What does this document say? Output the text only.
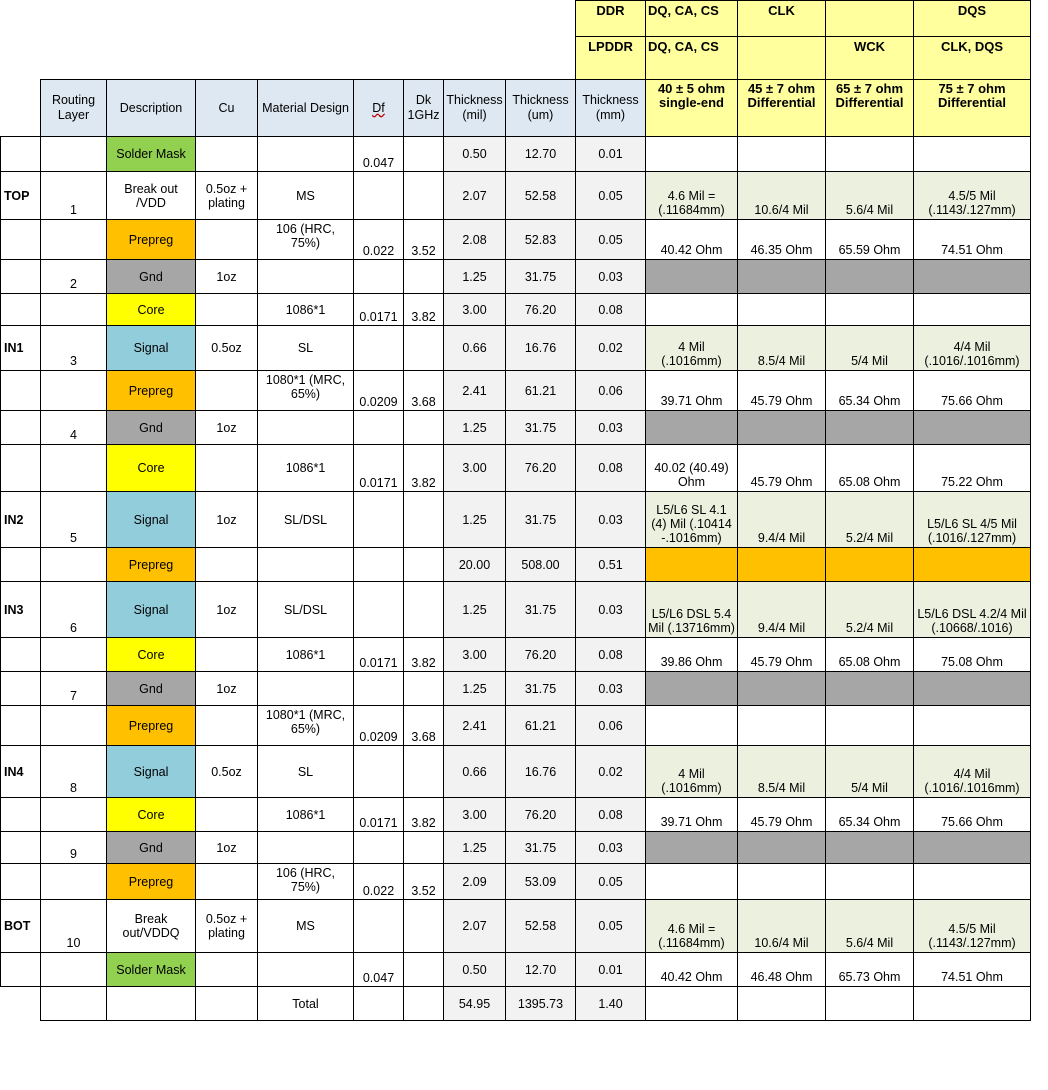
									DDR	DQ, CA, CS	CLK		DQS
									LPDDR	DQ, CA, CS		WCK	CLK, DQS
	Routing Layer	Description	Cu	Material Design	Df	Dk 1GHz	Thickness (mil)	Thickness (um)	Thickness (mm)	40 ± 5 ohm single-end	45 ± 7 ohm Differential	65 ± 7 ohm Differential	75 ± 7 ohm Differential
		Solder Mask			0.047		0.50	12.70	0.01				
TOP	1	Break out /VDD	0.5oz + plating	MS			2.07	52.58	0.05	4.6 Mil = (.11684mm)	10.6/4 Mil	5.6/4 Mil	4.5/5 Mil (.1143/.127mm)
		Prepreg		106 (HRC, 75%)	0.022	3.52	2.08	52.83	0.05	40.42 Ohm	46.35 Ohm	65.59 Ohm	74.51 Ohm
	2	Gnd	1oz				1.25	31.75	0.03				
		Core		1086*1	0.0171	3.82	3.00	76.20	0.08				
IN1	3	Signal	0.5oz	SL			0.66	16.76	0.02	4 Mil (.1016mm)	8.5/4 Mil	5/4 Mil	4/4 Mil (.1016/.1016mm)
		Prepreg		1080*1 (MRC, 65%)	0.0209	3.68	2.41	61.21	0.06	39.71 Ohm	45.79 Ohm	65.34 Ohm	75.66 Ohm
	4	Gnd	1oz				1.25	31.75	0.03				
		Core		1086*1	0.0171	3.82	3.00	76.20	0.08	40.02 (40.49) Ohm	45.79 Ohm	65.08 Ohm	75.22 Ohm
IN2	5	Signal	1oz	SL/DSL			1.25	31.75	0.03	L5/L6 SL 4.1 (4) Mil (.10414 -.1016mm)	9.4/4 Mil	5.2/4 Mil	L5/L6 SL 4/5 Mil (.1016/.127mm)
		Prepreg					20.00	508.00	0.51				
IN3	6	Signal	1oz	SL/DSL			1.25	31.75	0.03	L5/L6 DSL 5.4 Mil (.13716mm)	9.4/4 Mil	5.2/4 Mil	L5/L6 DSL 4.2/4 Mil (.10668/.1016)
		Core		1086*1	0.0171	3.82	3.00	76.20	0.08	39.86 Ohm	45.79 Ohm	65.08 Ohm	75.08 Ohm
	7	Gnd	1oz				1.25	31.75	0.03				
		Prepreg		1080*1 (MRC, 65%)	0.0209	3.68	2.41	61.21	0.06				
IN4	8	Signal	0.5oz	SL			0.66	16.76	0.02	4 Mil (.1016mm)	8.5/4 Mil	5/4 Mil	4/4 Mil (.1016/.1016mm)
		Core		1086*1	0.0171	3.82	3.00	76.20	0.08	39.71 Ohm	45.79 Ohm	65.34 Ohm	75.66 Ohm
	9	Gnd	1oz				1.25	31.75	0.03				
		Prepreg		106 (HRC, 75%)	0.022	3.52	2.09	53.09	0.05				
BOT	10	Break out/VDDQ	0.5oz + plating	MS			2.07	52.58	0.05	4.6 Mil = (.11684mm)	10.6/4 Mil	5.6/4 Mil	4.5/5 Mil (.1143/.127mm)
		Solder Mask			0.047		0.50	12.70	0.01	40.42 Ohm	46.48 Ohm	65.73 Ohm	74.51 Ohm
				Total			54.95	1395.73	1.40				
